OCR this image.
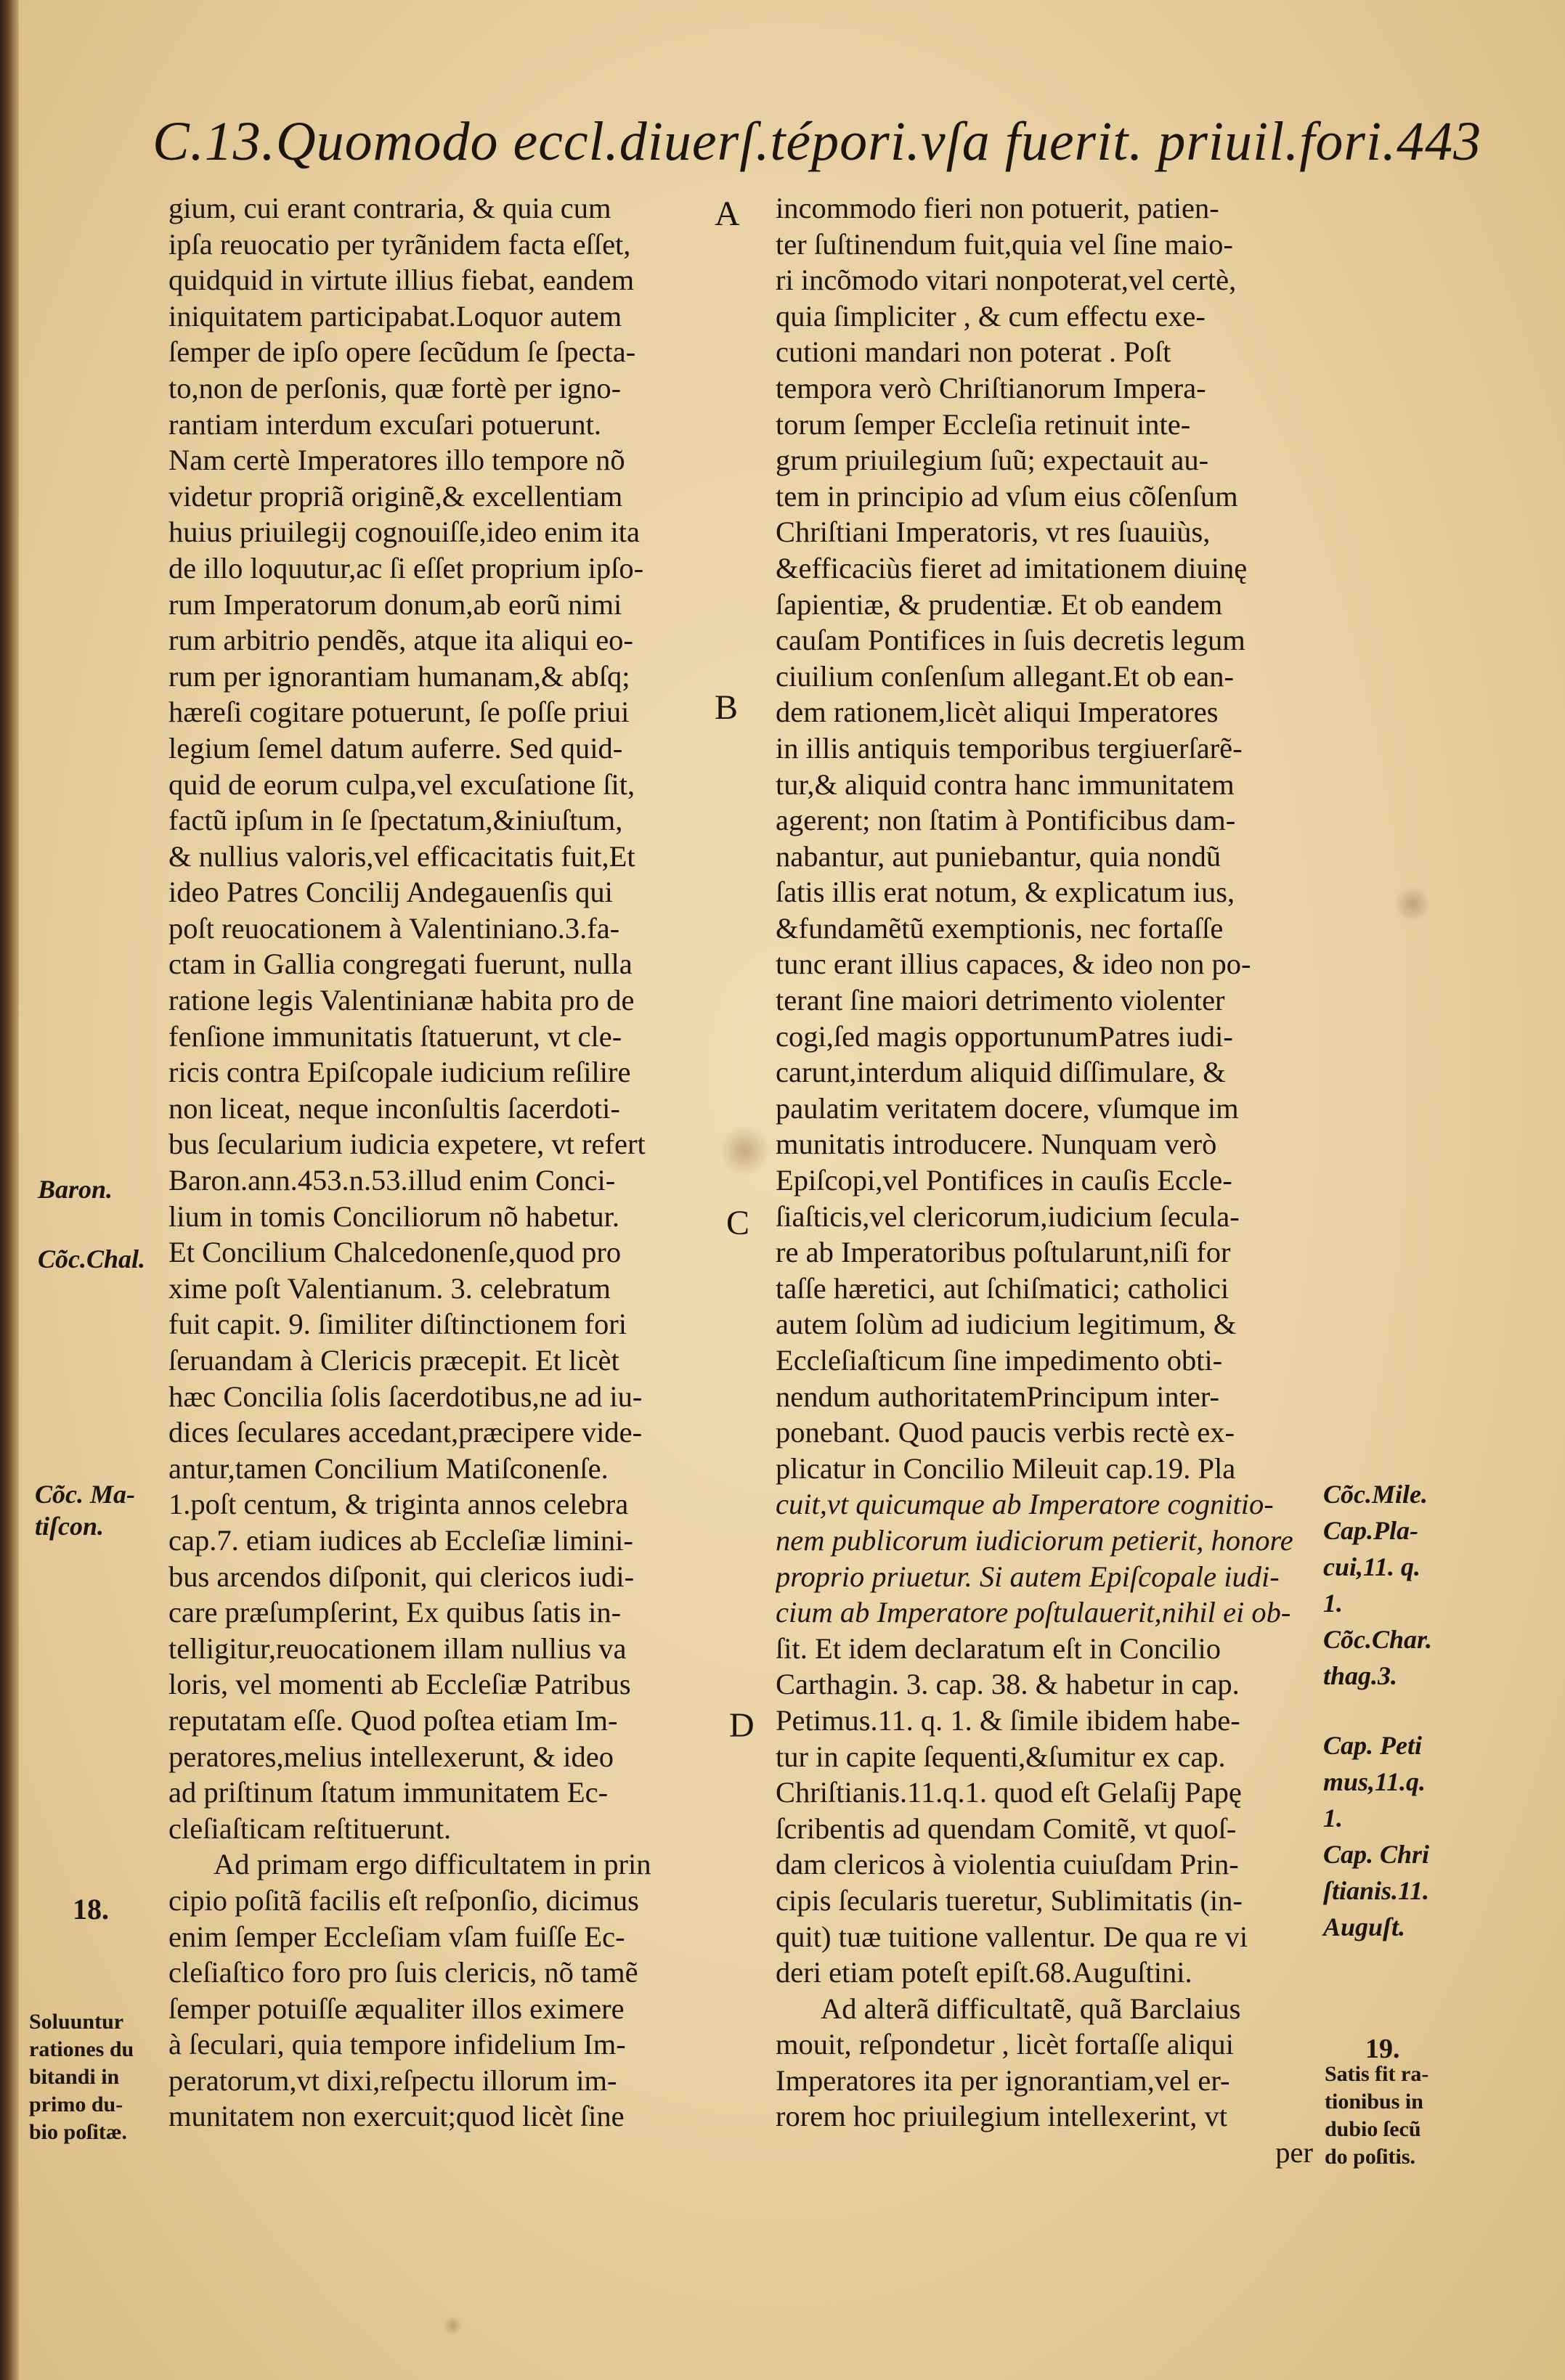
C.13.Quomodo eccl.diuerſ.tépori.vſa fuerit. priuil.fori.443
gium, cui erant contraria, & quia cum
ipſa reuocatio per tyrãnidem facta eſſet,
quidquid in virtute illius fiebat, eandem
iniquitatem participabat.Loquor autem
ſemper de ipſo opere ſecũdum ſe ſpecta-
to,non de perſonis, quæ fortè per igno-
rantiam interdum excuſari potuerunt.
Nam certè Imperatores illo tempore nõ
videtur propriã originẽ,& excellentiam
huius priuilegij cognouiſſe,ideo enim ita
de illo loquutur,ac ſi eſſet proprium ipſo-
rum Imperatorum donum,ab eorũ nimi
rum arbitrio pendẽs, atque ita aliqui eo-
rum per ignorantiam humanam,& abſq;
hæreſi cogitare potuerunt, ſe poſſe priui
legium ſemel datum auferre. Sed quid-
quid de eorum culpa,vel excuſatione ſit,
factũ ipſum in ſe ſpectatum,&iniuſtum,
& nullius valoris,vel efficacitatis fuit,Et
ideo Patres Concilij Andegauenſis qui
poſt reuocationem à Valentiniano.3.fa-
ctam in Gallia congregati fuerunt, nulla
ratione legis Valentinianæ habita pro de
fenſione immunitatis ſtatuerunt, vt cle-
ricis contra Epiſcopale iudicium reſilire
non liceat, neque inconſultis ſacerdoti-
bus ſecularium iudicia expetere, vt refert
Baron.ann.453.n.53.illud enim Conci-
lium in tomis Conciliorum nõ habetur.
Et Concilium Chalcedonenſe,quod pro
xime poſt Valentianum. 3. celebratum
fuit capit. 9. ſimiliter diſtinctionem fori
ſeruandam à Clericis præcepit. Et licèt
hæc Concilia ſolis ſacerdotibus,ne ad iu-
dices ſeculares accedant,præcipere vide-
antur,tamen Concilium Matiſconenſe.
1.poſt centum, & triginta annos celebra
cap.7. etiam iudices ab Eccleſiæ limini-
bus arcendos diſponit, qui clericos iudi-
care præſumpſerint, Ex quibus ſatis in-
telligitur,reuocationem illam nullius va
loris, vel momenti ab Eccleſiæ Patribus
reputatam eſſe. Quod poſtea etiam Im-
peratores,melius intellexerunt, & ideo
ad priſtinum ſtatum immunitatem Ec-
cleſiaſticam reſtituerunt.
Ad primam ergo difficultatem in prin
cipio poſitã facilis eſt reſponſio, dicimus
enim ſemper Eccleſiam vſam fuiſſe Ec-
cleſiaſtico foro pro ſuis clericis, nõ tamẽ
ſemper potuiſſe æqualiter illos eximere
à ſeculari, quia tempore infidelium Im-
peratorum,vt dixi,reſpectu illorum im-
munitatem non exercuit;quod licèt ſine
incommodo fieri non potuerit, patien-
ter ſuſtinendum fuit,quia vel ſine maio-
ri incõmodo vitari nonpoterat,vel certè,
quia ſimpliciter , & cum effectu exe-
cutioni mandari non poterat . Poſt
tempora verò Chriſtianorum Impera-
torum ſemper Eccleſia retinuit inte-
grum priuilegium ſuũ; expectauit au-
tem in principio ad vſum eius cõſenſum
Chriſtiani Imperatoris, vt res ſuauiùs,
&efficaciùs fieret ad imitationem diuinę
ſapientiæ, & prudentiæ. Et ob eandem
cauſam Pontifices in ſuis decretis legum
ciuilium conſenſum allegant.Et ob ean-
dem rationem,licèt aliqui Imperatores
in illis antiquis temporibus tergiuerſarẽ-
tur,& aliquid contra hanc immunitatem
agerent; non ſtatim à Pontificibus dam-
nabantur, aut puniebantur, quia nondũ
ſatis illis erat notum, & explicatum ius,
&fundamẽtũ exemptionis, nec fortaſſe
tunc erant illius capaces, & ideo non po-
terant ſine maiori detrimento violenter
cogi,ſed magis opportunumPatres iudi-
carunt,interdum aliquid diſſimulare, &
paulatim veritatem docere, vſumque im
munitatis introducere. Nunquam verò
Epiſcopi,vel Pontifices in cauſis Eccle-
ſiaſticis,vel clericorum,iudicium ſecula-
re ab Imperatoribus poſtularunt,niſi for
taſſe hæretici, aut ſchiſmatici; catholici
autem ſolùm ad iudicium legitimum, &
Eccleſiaſticum ſine impedimento obti-
nendum authoritatemPrincipum inter-
ponebant. Quod paucis verbis rectè ex-
plicatur in Concilio Mileuit cap.19. Pla
cuit,vt quicumque ab Imperatore cognitio-
nem publicorum iudiciorum petierit, honore
proprio priuetur. Si autem Epiſcopale iudi-
cium ab Imperatore poſtulauerit,nihil ei ob-
ſit. Et idem declaratum eſt in Concilio
Carthagin. 3. cap. 38. & habetur in cap.
Petimus.11. q. 1. & ſimile ibidem habe-
tur in capite ſequenti,&ſumitur ex cap.
Chriſtianis.11.q.1. quod eſt Gelaſij Papę
ſcribentis ad quendam Comitẽ, vt quoſ-
dam clericos à violentia cuiuſdam Prin-
cipis ſecularis tueretur, Sublimitatis (in-
quit) tuæ tuitione vallentur. De qua re vi
deri etiam poteſt epiſt.68.Auguſtini.
Ad alterã difficultatẽ, quã Barclaius
mouit, reſpondetur , licèt fortaſſe aliqui
Imperatores ita per ignorantiam,vel er-
rorem hoc priuilegium intellexerint, vt
per
A
B
C
D
Baron.
Cõc.Chal.
Cõc. Ma-
tiſcon.
18.
Soluuntur
rationes du
bitandi in
primo du-
bio poſitæ.
Cõc.Mile.
Cap.Pla-
cui,11. q.
1.
Cõc.Char.
thag.3.
Cap. Peti
mus,11.q.
1.
Cap. Chri
ſtianis.11.
Auguſt.
19.
Satis fit ra-
tionibus in
dubio ſecũ
do poſitis.
